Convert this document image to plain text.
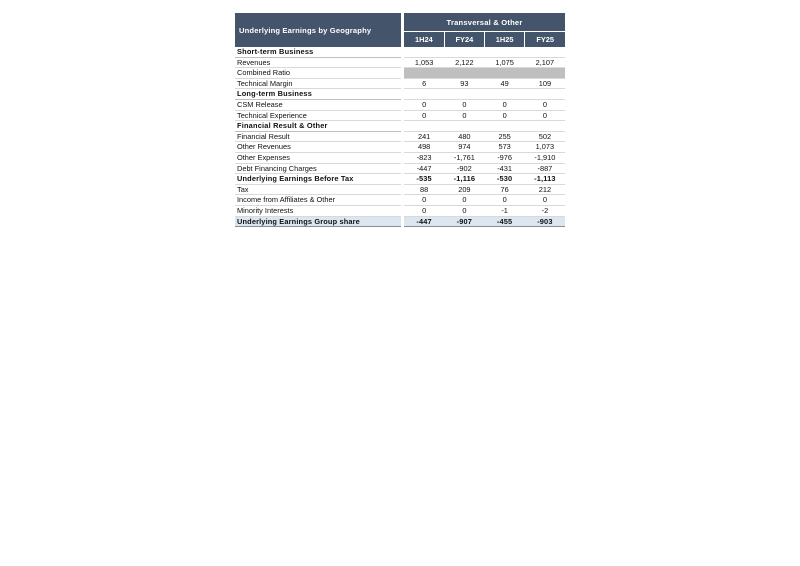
Underlying Earnings by Geography		Transversal & Other			
		1H24	FY24	1H25	FY25
Short-term Business					
Revenues		1,053	2,122	1,075	2,107
Combined Ratio					
Technical Margin		6	93	49	109
Long-term Business					
CSM Release		0	0	0	0
Technical Experience		0	0	0	0
Financial Result & Other					
Financial Result		241	480	255	502
Other Revenues		498	974	573	1,073
Other Expenses		-823	-1,761	-976	-1,910
Debt Financing Charges		-447	-902	-431	-887
Underlying Earnings Before Tax		-535	-1,116	-530	-1,113
Tax		88	209	76	212
Income from Affiliates & Other		0	0	0	0
Minority Interests		0	0	-1	-2
Underlying Earnings Group share		-447	-907	-455	-903
